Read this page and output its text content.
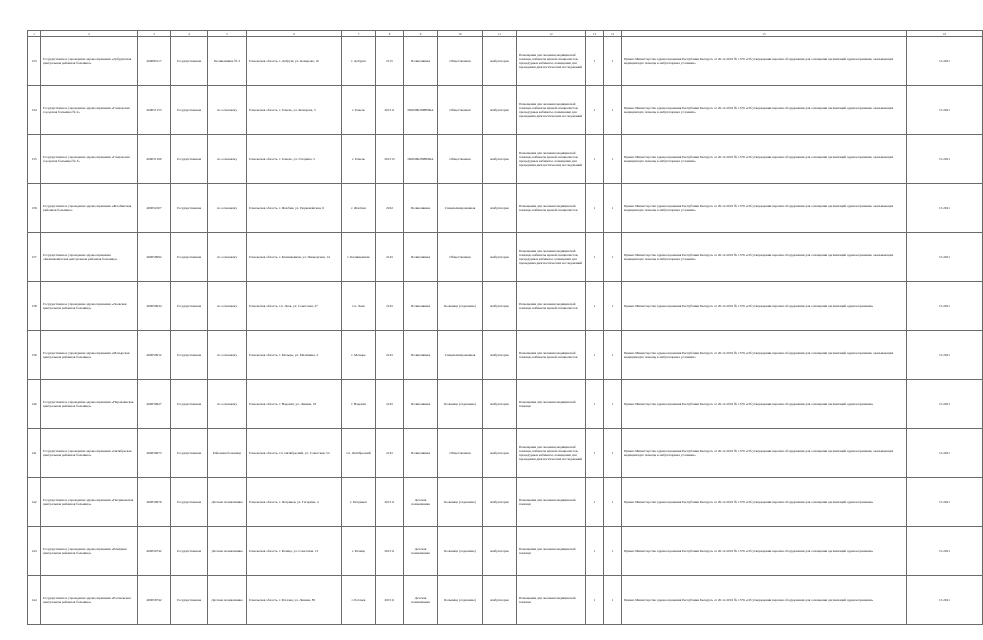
1	2	3	4	5	6	7	8	9	10	11	12	13	14	15	16
133	Государственное учреждение здравоохранения «Добрушская центральная районная больница»	400085117	Государственная	Поликлиника № 3	Гомельская область, г. Добруш, ул. Комарова, 10	г. Добруш	2115	Поликлиника	Общественная	Амбулаторно	Помещения для оказания медицинской помощи, кабинеты врачей-специалистов, процедурные кабинеты, помещения для проведения диагностических исследований	1	1	Приказ Министерства здравоохранения Республики Беларусь от 20.12.2019 № 1576 «Об утверждении перечня оборудования для оснащения организаций здравоохранения, оказывающих медицинскую помощь в амбулаторных условиях»	15.2021
134	Государственное учреждение здравоохранения «Гомельская городская больница № 2»	400051155	Государственная	по основному	Гомельская область, г. Гомель, ул. Комарова, 5	г. Гомель	201511	ПОЛИКЛИНИКА	Общественная	Амбулаторно	Помещения для оказания медицинской помощи, кабинеты врачей-специалистов, процедурные кабинеты, помещения для проведения диагностических исследований	1	1	Приказ Министерства здравоохранения Республики Беларусь от 20.12.2019 № 1576 «Об утверждении перечня оборудования для оснащения организаций здравоохранения, оказывающих медицинскую помощь в амбулаторных условиях»	15.2021
135	Государственное учреждение здравоохранения «Гомельская городская больница № 3»	400051160	Государственная	по основному	Гомельская область, г. Гомель, ул. Гагарина, 5	г. Гомель	201513	ПОЛИКЛИНИКА	Общественная	Амбулаторно	Помещения для оказания медицинской помощи, кабинеты врачей-специалистов, процедурные кабинеты, помещения для проведения диагностических исследований	1	1	Приказ Министерства здравоохранения Республики Беларусь от 20.12.2019 № 1576 «Об утверждении перечня оборудования для оснащения организаций здравоохранения, оказывающих медицинскую помощь в амбулаторных условиях»	15.2021
136	Государственное учреждение здравоохранения «Жлобинская районная больница»	400051007	Государственная	по основному	Гомельская область, г. Жлобин, ул. Первомайская, 6	г. Жлобин	2162	Поликлиника	Специализированная	Амбулаторно	Помещения для оказания медицинской помощи, кабинеты врачей-специалистов	1	1	Приказ Министерства здравоохранения Республики Беларусь от 20.12.2019 № 1576 «Об утверждении перечня оборудования для оснащения организаций здравоохранения, оказывающих медицинскую помощь в амбулаторных условиях»	15.2021
137	Государственное учреждение здравоохранения «Калинковичская центральная районная больница»	400050992	Государственная	по основному	Гомельская область, г. Калинковичи, ул. Пионерская, 14	г. Калинковичи	2145	Поликлиника	Общественная	Амбулаторно	Помещения для оказания медицинской помощи, кабинеты врачей-специалистов, процедурные кабинеты, помещения для проведения диагностических исследований	1	1	Приказ Министерства здравоохранения Республики Беларусь от 20.12.2019 № 1576 «Об утверждении перечня оборудования для оснащения организаций здравоохранения, оказывающих медицинскую помощь в амбулаторных условиях»	15.2021
138	Государственное учреждение здравоохранения «Лоевская центральная районная больница»	400050934	Государственная	по основному	Гомельская область, г.п. Лоев, ул. Советская, 27	г.п. Лоев	2145	Поликлиника	Больница (отделение)	Амбулаторно	Помещения для оказания медицинской помощи, кабинеты врачей-специалистов	1	1	Приказ Министерства здравоохранения Республики Беларусь от 20.12.2019 № 1576 «Об утверждении перечня оборудования для оснащения организаций здравоохранения»	15.2021
139	Государственное учреждение здравоохранения «Мозырская центральная районная больница»	400050912	Государственная	по основному	Гомельская область, г. Мозырь, ул. Малинина, 2	г. Мозырь	2145	Поликлиника	Специализированная	Амбулаторно	Помещения для оказания медицинской помощи, кабинеты врачей-специалистов	1	1	Приказ Министерства здравоохранения Республики Беларусь от 20.12.2019 № 1576 «Об утверждении перечня оборудования для оснащения организаций здравоохранения, оказывающих медицинскую помощь в амбулаторных условиях»	15.2021
140	Государственное учреждение здравоохранения «Наровлянская центральная районная больница»	400050927	Государственная	по основному	Гомельская область, г. Наровля, ул. Ленина, 23	г. Наровля	2145	Поликлиника	Больница (отделение)	Амбулаторно	Помещения для оказания медицинской помощи	1	1	Приказ Министерства здравоохранения Республики Беларусь от 20.12.2019 № 1576 «Об утверждении перечня оборудования для оснащения организаций здравоохранения»	15.2021
141	Государственное учреждение здравоохранения «Октябрьская центральная районная больница»	400050973	Государственная	Районная больница	Гомельская область, г.п. Октябрьский, ул. Советская, 52	г.п. Октябрьский	2145	Поликлиника	Общественная	Амбулаторно	Помещения для оказания медицинской помощи, кабинеты врачей-специалистов, процедурные кабинеты, помещения для проведения диагностических исследований	1	1	Приказ Министерства здравоохранения Республики Беларусь от 20.12.2019 № 1576 «Об утверждении перечня оборудования для оснащения организаций здравоохранения, оказывающих медицинскую помощь в амбулаторных условиях»	15.2021
142	Государственное учреждение здравоохранения «Петриковская центральная районная больница»	400050976	Государственная	Детская поликлиника	Гомельская область, г. Петриков, ул. Гагарина, 4	г. Петриков	201511	Детская поликлиника	Больница (отделение)	Амбулаторно	Помещения для оказания медицинской помощи	1	1	Приказ Министерства здравоохранения Республики Беларусь от 20.12.2019 № 1576 «Об утверждении перечня оборудования для оснащения организаций здравоохранения»	15.2021
143	Государственное учреждение здравоохранения «Речицкая центральная районная больница»	400050742	Государственная	Детская поликлиника	Гомельская область, г. Речица, ул. Советская, 13	г. Речица	201511	Детская поликлиника	Больница (отделение)	Амбулаторно	Помещения для оказания медицинской помощи	1	1	Приказ Министерства здравоохранения Республики Беларусь от 20.12.2019 № 1576 «Об утверждении перечня оборудования для оснащения организаций здравоохранения»	15.2021
144	Государственное учреждение здравоохранения «Рогачевская центральная районная больница»	400050742	Государственная	Детская поликлиника	Гомельская область, г. Рогачев, ул. Ленина, 85	г. Рогачев	201511	Детская поликлиника	Больница (отделение)	Амбулаторно	Помещения для оказания медицинской помощи	1	1	Приказ Министерства здравоохранения Республики Беларусь от 20.12.2019 № 1576 «Об утверждении перечня оборудования для оснащения организаций здравоохранения»	15.2021
